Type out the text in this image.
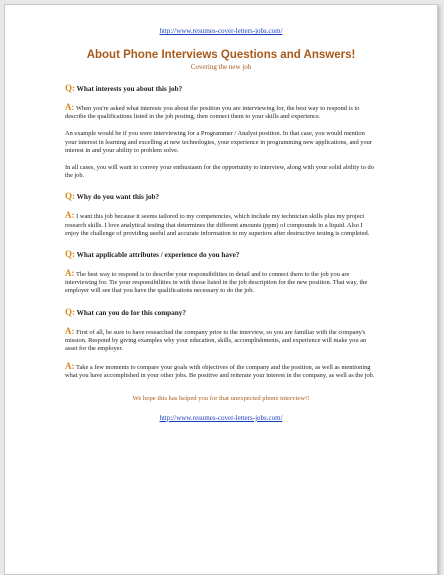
http://www.resumes-cover-letters-jobs.com/
About Phone Interviews Questions and Answers!
Covering the new job
Q: What interests you about this job?
A: When you're asked what interests you about the position you are interviewing for, the best way to respond is to describe the qualifications listed in the job posting, then connect them to your skills and experience.
An example would be if you were interviewing for a Programmer / Analyst position. In that case, you would mention your interest in learning and excelling at new technologies, your experience in programming new applications, and your interest in and your ability to problem solve.
In all cases, you will want to convey your enthusiasm for the opportunity to interview, along with your solid ability to do the job.
Q: Why do you want this job?
A: I want this job because it seems tailored to my competencies, which include my technician skills plus my project research skills. I love analytical testing that determines the different amounts (ppm) of compounds in a liquid. Also I enjoy the challenge of providing useful and accurate information to my superiors after destructive testing is completed.
Q: What applicable attributes / experience do you have?
A: The best way to respond is to describe your responsibilities in detail and to connect them to the job you are interviewing for. Tie your responsibilities in with those listed in the job description for the new position. That way, the employer will see that you have the qualifications necessary to do the job.
Q: What can you do for this company?
A: First of all, be sure to have researched the company prior to the interview, so you are familiar with the company's mission. Respond by giving examples why your education, skills, accomplishments, and experience will make you an asset for the employer.
A: Take a few moments to compare your goals with objectives of the company and the position, as well as mentioning what you have accomplished in your other jobs. Be positive and reiterate your interest in the company, as well as the job.
We hope this has helped you for that unexpected phone interview!!
http://www.resumes-cover-letters-jobs.com/
